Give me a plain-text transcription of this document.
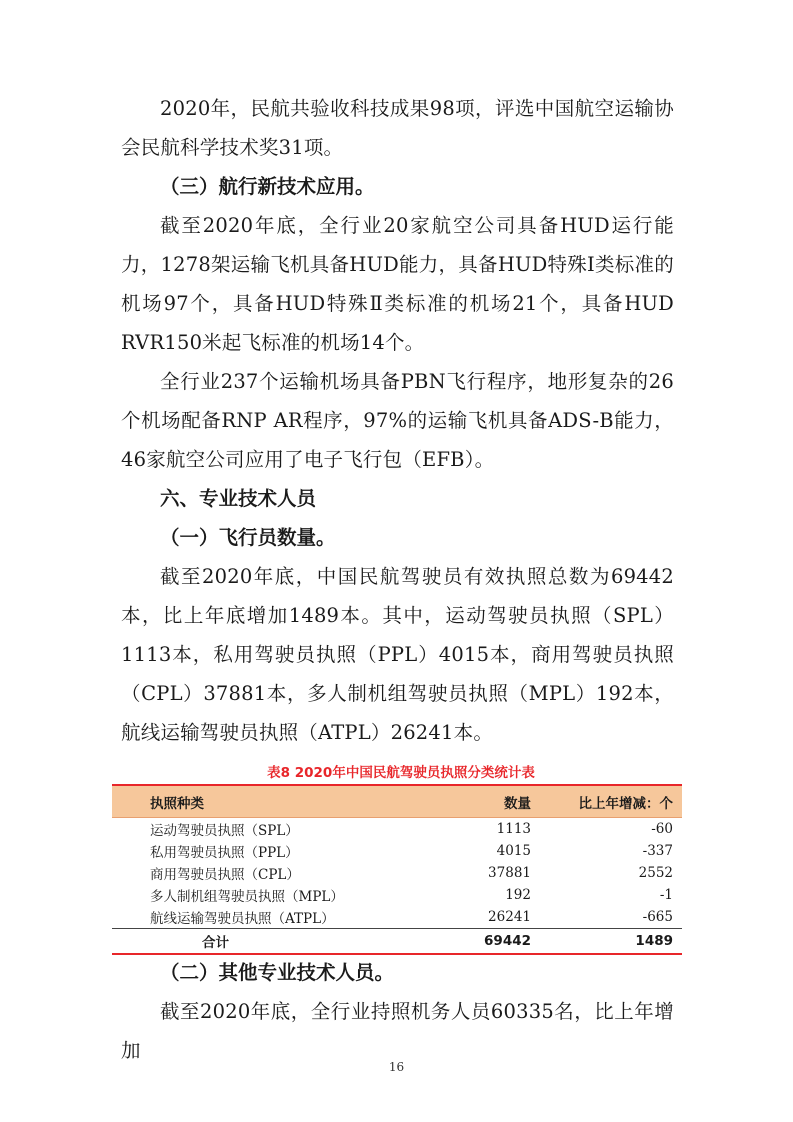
2020年，民航共验收科技成果98项，评选中国航空运输协会民航科学技术奖31项。

（三）航行新技术应用。

截至2020年底，全行业20家航空公司具备HUD运行能力，1278架运输飞机具备HUD能力，具备HUD特殊Ⅰ类标准的机场97个，具备HUD特殊Ⅱ类标准的机场21个，具备HUD RVR150米起飞标准的机场14个。

全行业237个运输机场具备PBN飞行程序，地形复杂的26个机场配备RNP AR程序，97%的运输飞机具备ADS-B能力，46家航空公司应用了电子飞行包（EFB）。

六、专业技术人员
（一）飞行员数量。

截至2020年底，中国民航驾驶员有效执照总数为69442本，比上年底增加1489本。其中，运动驾驶员执照（SPL）1113本，私用驾驶员执照（PPL）4015本，商用驾驶员执照（CPL）37881本，多人制机组驾驶员执照（MPL）192本，航线运输驾驶员执照（ATPL）26241本。

表8 2020年中国民航驾驶员执照分类统计表

执照种类	数量	比上年增减：个
运动驾驶员执照（SPL）	1113	-60
私用驾驶员执照（PPL）	4015	-337
商用驾驶员执照（CPL）	37881	2552
多人制机组驾驶员执照（MPL）	192	-1
航线运输驾驶员执照（ATPL）	26241	-665
合计	69442	1489
（二）其他专业技术人员。

截至2020年底，全行业持照机务人员60335名，比上年增加

16
